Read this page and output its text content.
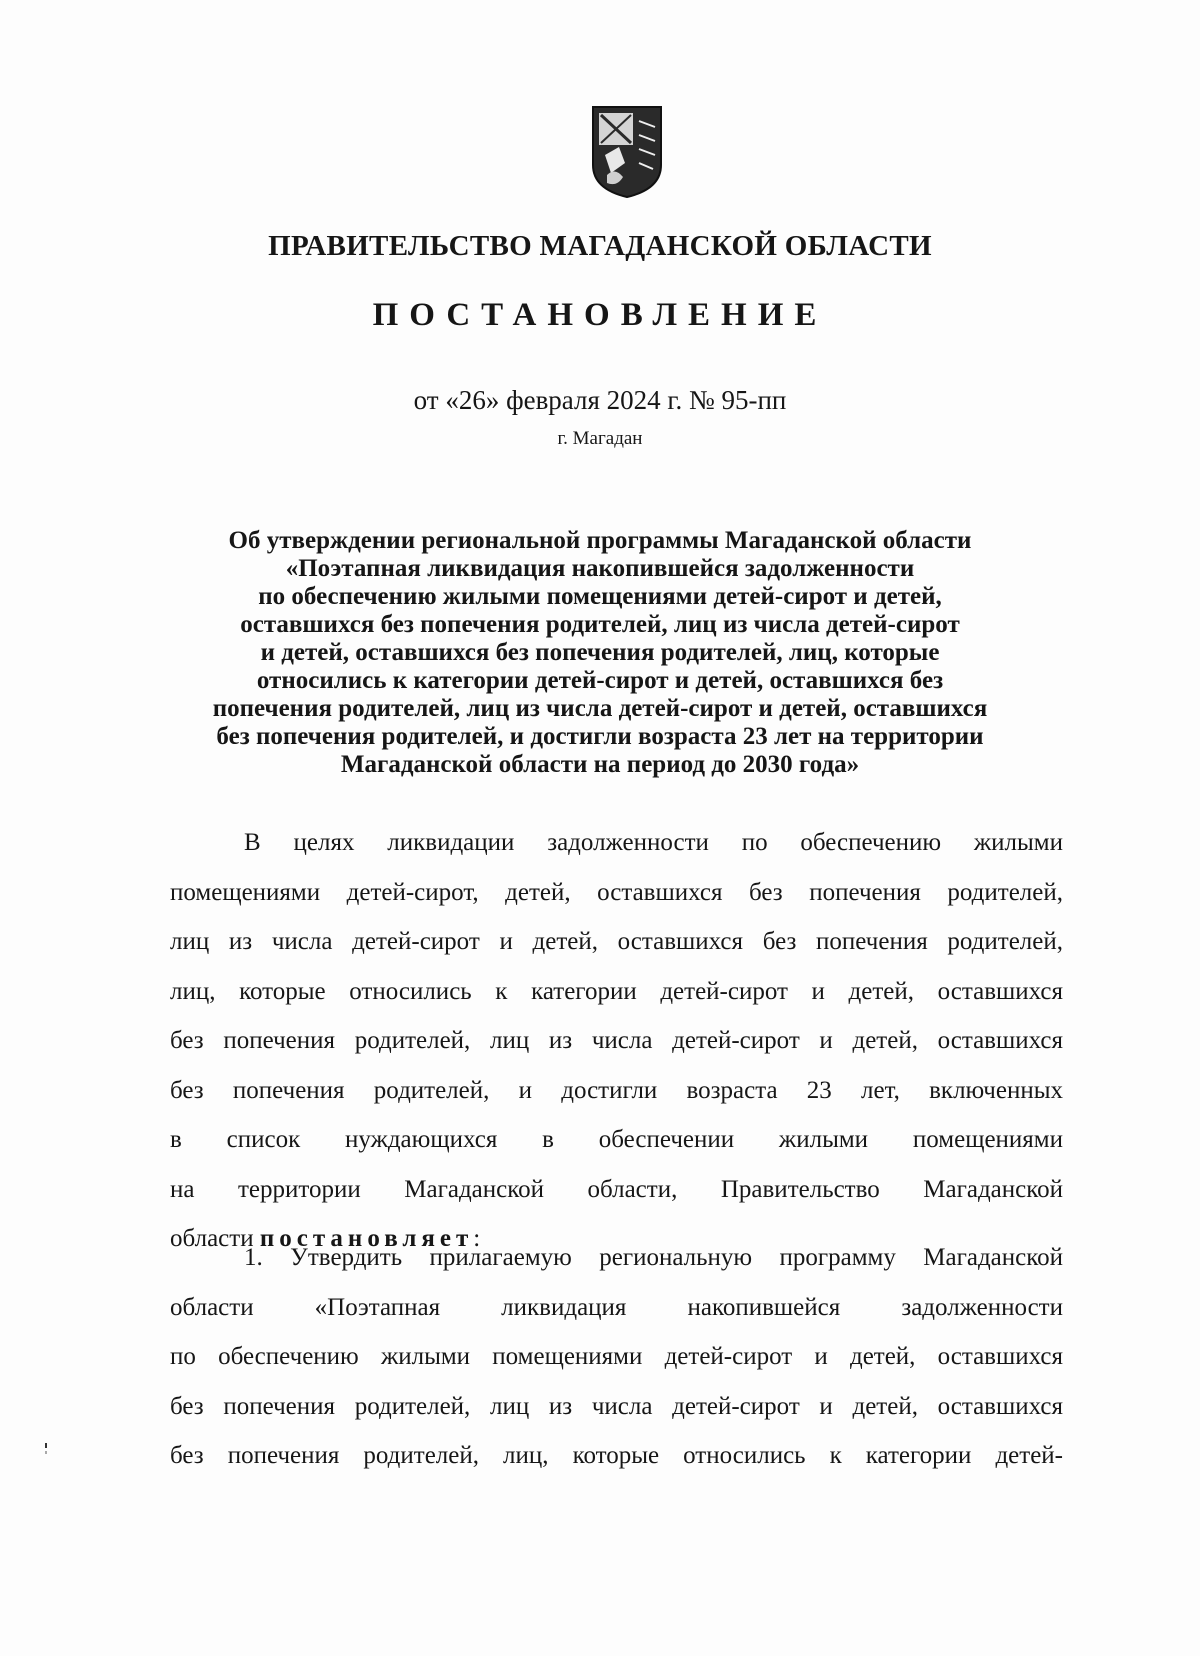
ПРАВИТЕЛЬСТВО МАГАДАНСКОЙ ОБЛАСТИ
ПОСТАНОВЛЕНИЕ
от «26» февраля 2024 г. № 95-пп
г. Магадан
Об утверждении региональной программы Магаданской области
«Поэтапная ликвидация накопившейся задолженности
по обеспечению жилыми помещениями детей-сирот и детей,
оставшихся без попечения родителей, лиц из числа детей-сирот
и детей, оставшихся без попечения родителей, лиц, которые
относились к категории детей-сирот и детей, оставшихся без
попечения родителей, лиц из числа детей-сирот и детей, оставшихся
без попечения родителей, и достигли возраста 23 лет на территории
Магаданской области на период до 2030 года»
В целях ликвидации задолженности по обеспечению жилыми
помещениями детей-сирот, детей, оставшихся без попечения родителей,
лиц из числа детей-сирот и детей, оставшихся без попечения родителей,
лиц, которые относились к категории детей-сирот и детей, оставшихся
без попечения родителей, лиц из числа детей-сирот и детей, оставшихся
без попечения родителей, и достигли возраста 23 лет, включенных
в список нуждающихся в обеспечении жилыми помещениями
на территории Магаданской области, Правительство Магаданской
области постановляет:
1. Утвердить прилагаемую региональную программу Магаданской
области «Поэтапная ликвидация накопившейся задолженности
по обеспечению жилыми помещениями детей-сирот и детей, оставшихся
без попечения родителей, лиц из числа детей-сирот и детей, оставшихся
без попечения родителей, лиц, которые относились к категории детей-
